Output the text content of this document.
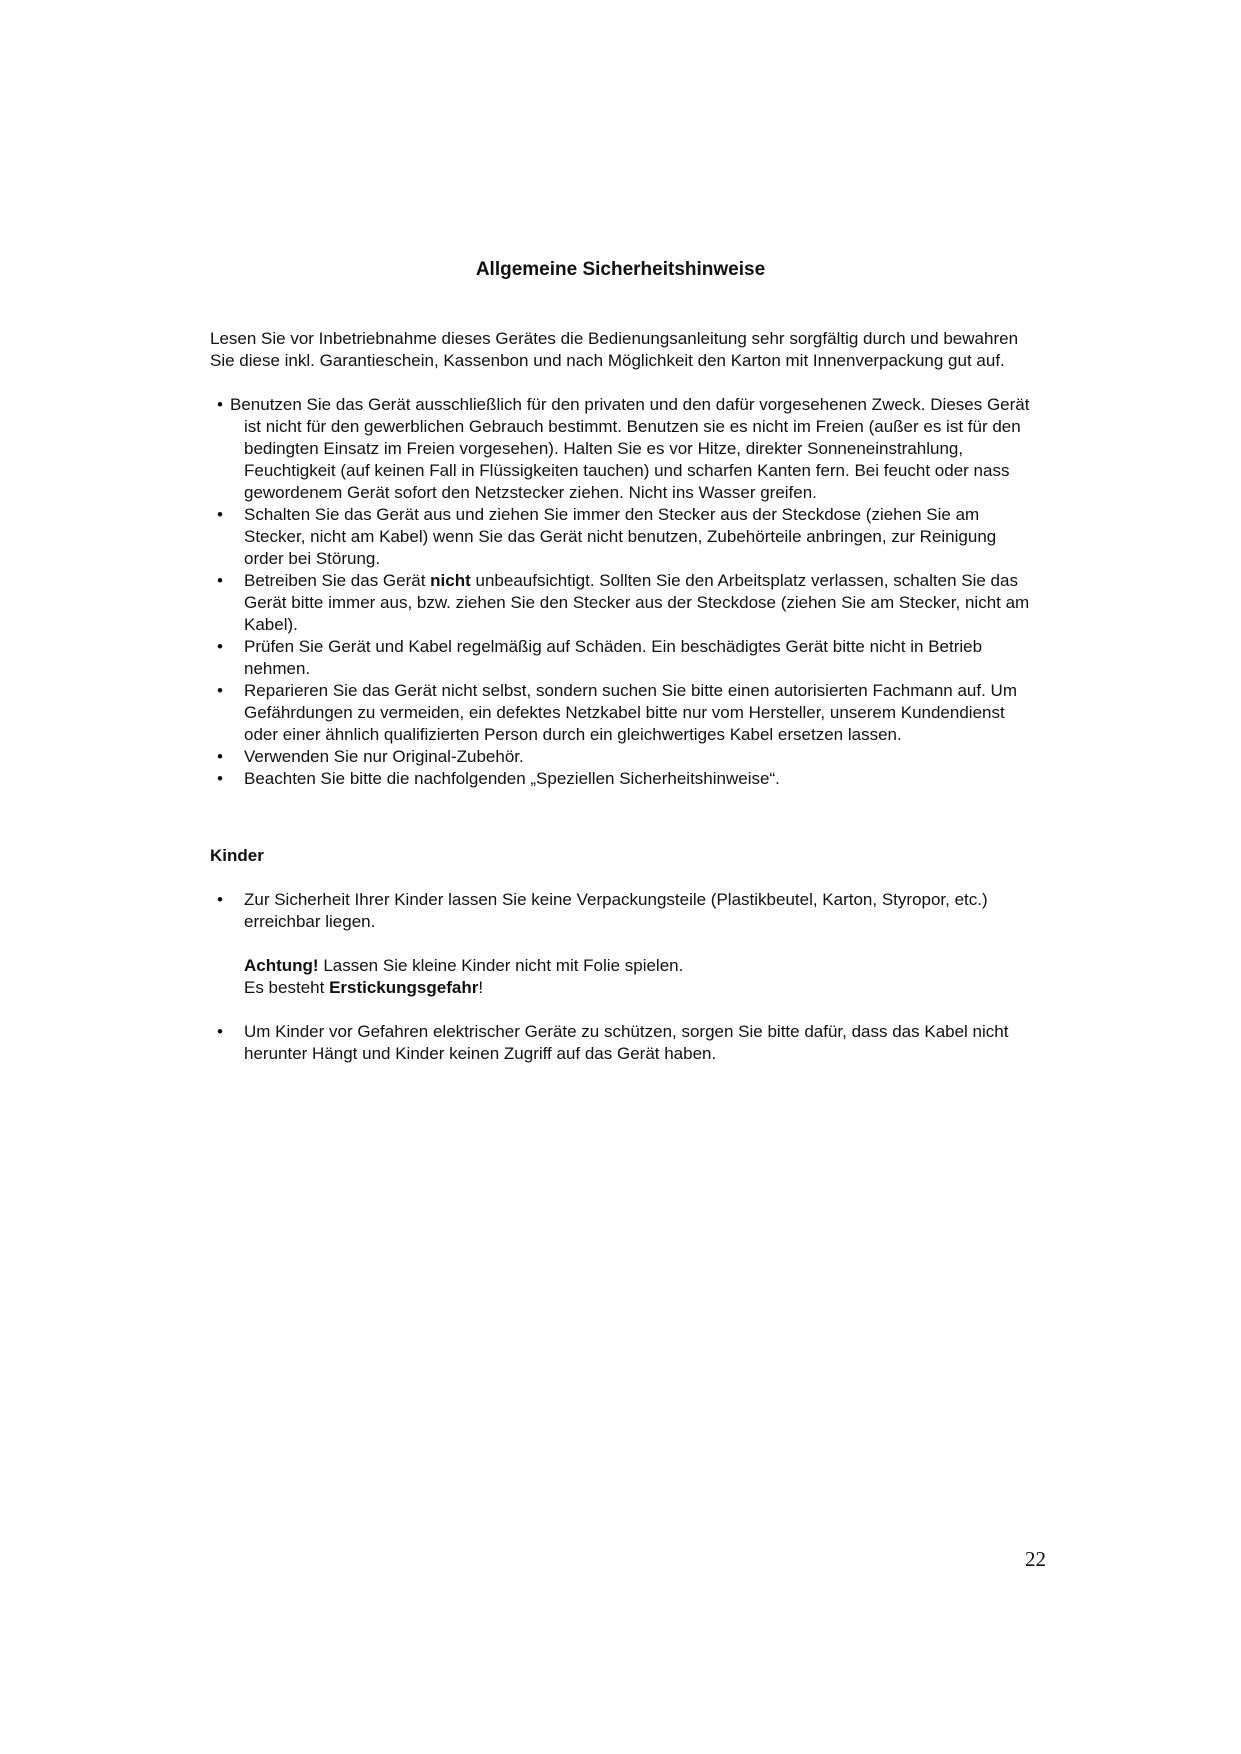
Allgemeine Sicherheitshinweise

Lesen Sie vor Inbetriebnahme dieses Gerätes die Bedienungsanleitung sehr sorgfältig durch und bewahren Sie diese inkl. Garantieschein, Kassenbon und nach Möglichkeit den Karton mit Innenverpackung gut auf.

• Benutzen Sie das Gerät ausschließlich für den privaten und den dafür vorgesehenen Zweck. Dieses Gerät ist nicht für den gewerblichen Gebrauch bestimmt. Benutzen sie es nicht im Freien (außer es ist für den bedingten Einsatz im Freien vorgesehen). Halten Sie es vor Hitze, direkter Sonneneinstrahlung, Feuchtigkeit (auf keinen Fall in Flüssigkeiten tauchen) und scharfen Kanten fern. Bei feucht oder nass gewordenem Gerät sofort den Netzstecker ziehen. Nicht ins Wasser greifen.
•	Schalten Sie das Gerät aus und ziehen Sie immer den Stecker aus der Steckdose (ziehen Sie am Stecker, nicht am Kabel) wenn Sie das Gerät nicht benutzen, Zubehörteile anbringen, zur Reinigung order bei Störung.
•	Betreiben Sie das Gerät nicht unbeaufsichtigt. Sollten Sie den Arbeitsplatz verlassen, schalten Sie das Gerät bitte immer aus, bzw. ziehen Sie den Stecker aus der Steckdose (ziehen Sie am Stecker, nicht am Kabel).
•	Prüfen Sie Gerät und Kabel regelmäßig auf Schäden. Ein beschädigtes Gerät bitte nicht in Betrieb nehmen.
•	Reparieren Sie das Gerät nicht selbst, sondern suchen Sie bitte einen autorisierten Fachmann auf. Um Gefährdungen zu vermeiden, ein defektes Netzkabel bitte nur vom Hersteller, unserem Kundendienst oder einer ähnlich qualifizierten Person durch ein gleichwertiges Kabel ersetzen lassen.
•	Verwenden Sie nur Original-Zubehör.
•	Beachten Sie bitte die nachfolgenden „Speziellen Sicherheitshinweise“.
Kinder
•	Zur Sicherheit Ihrer Kinder lassen Sie keine Verpackungsteile (Plastikbeutel, Karton, Styropor, etc.) erreichbar liegen.

Achtung! Lassen Sie kleine Kinder nicht mit Folie spielen.

Es besteht Erstickungsgefahr!

•	Um Kinder vor Gefahren elektrischer Geräte zu schützen, sorgen Sie bitte dafür, dass das Kabel nicht herunter Hängt und Kinder keinen Zugriff auf das Gerät haben.
22
